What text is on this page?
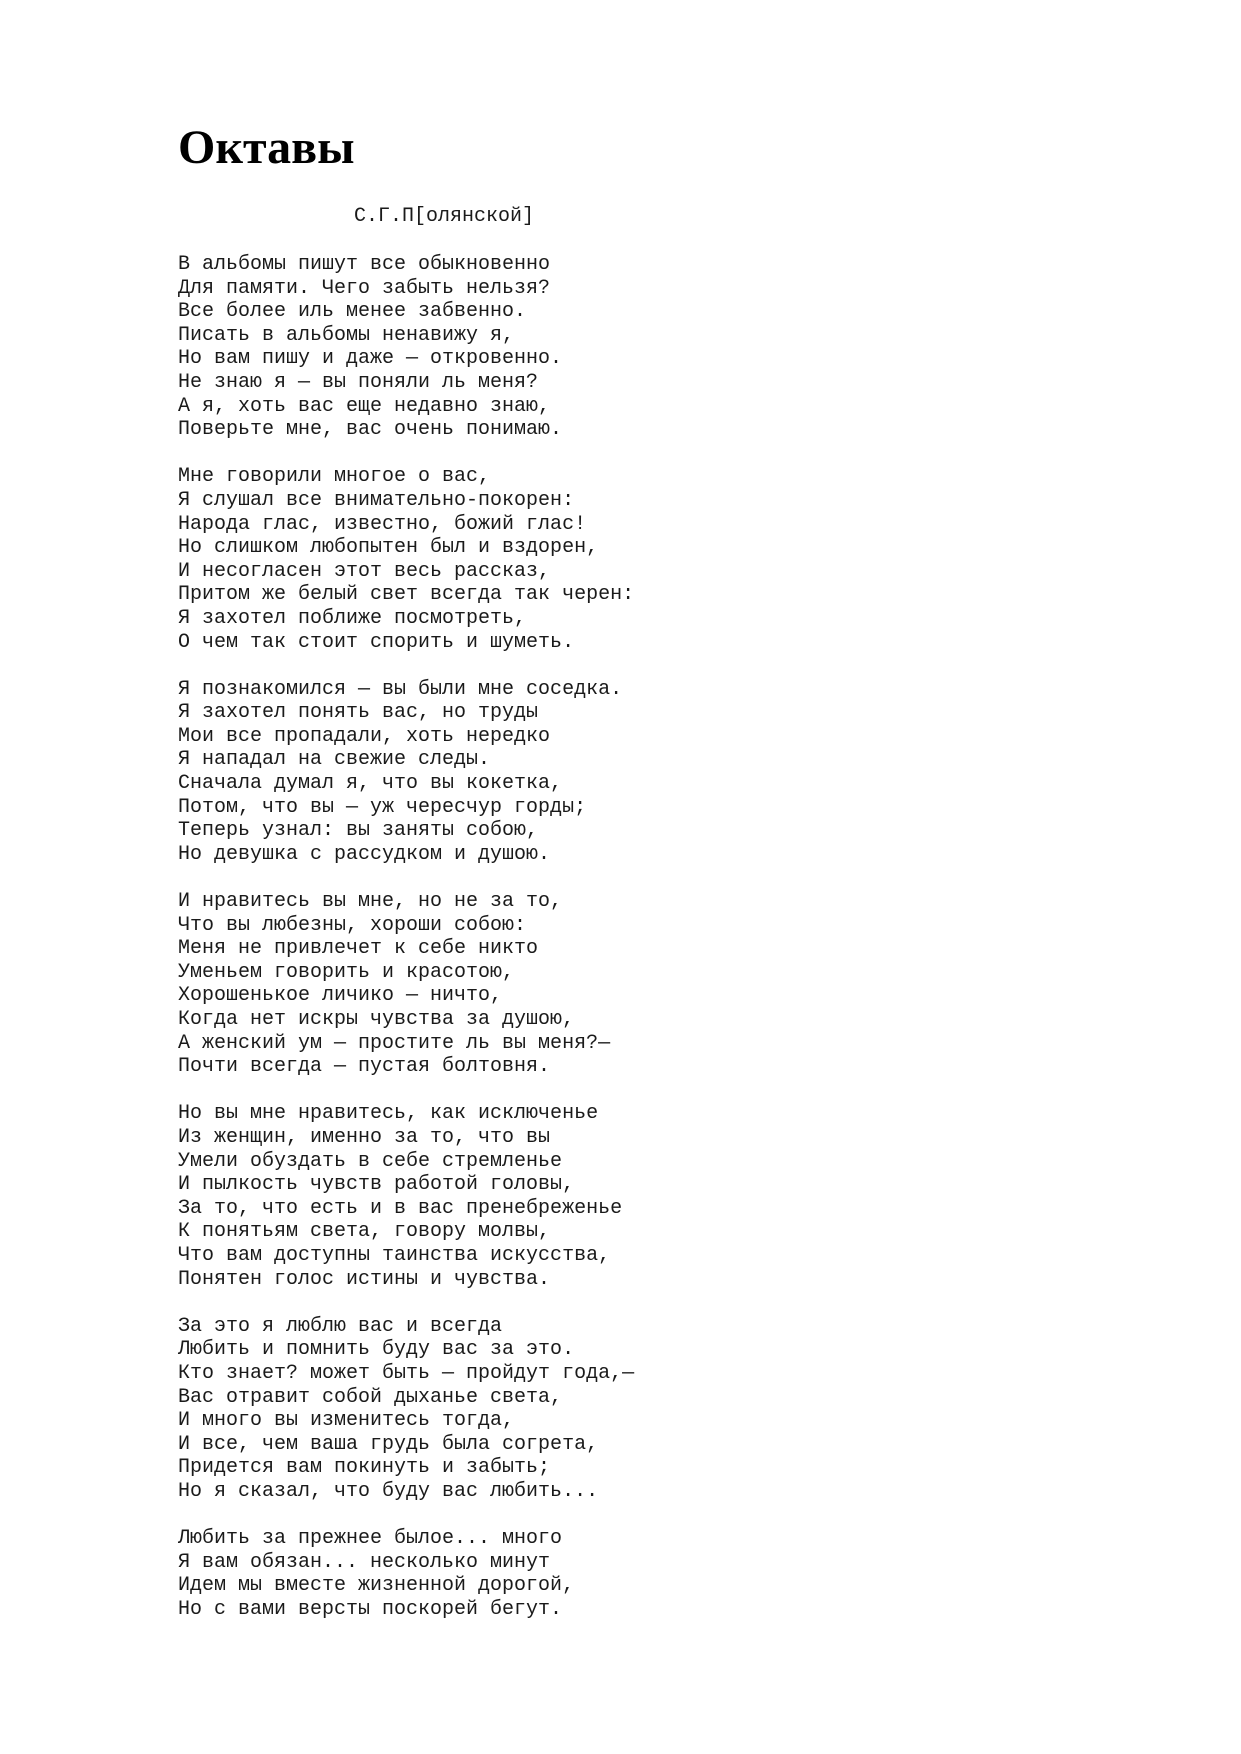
Октавы

С.Г.П[олянской]

В альбомы пишут все обыкновенно
Для памяти. Чего забыть нельзя?
Все более иль менее забвенно.
Писать в альбомы ненавижу я,
Но вам пишу и даже — откровенно.
Не знаю я — вы поняли ль меня?
А я, хоть вас еще недавно знаю,
Поверьте мне, вас очень понимаю.
Мне говорили многое о вас,
Я слушал все внимательно-покорен:
Народа глас, известно, божий глас!
Но слишком любопытен был и вздорен,
И несогласен этот весь рассказ,
Притом же белый свет всегда так черен:
Я захотел поближе посмотреть,
О чем так стоит спорить и шуметь.
Я познакомился — вы были мне соседка.
Я захотел понять вас, но труды
Мои все пропадали, хоть нередко
Я нападал на свежие следы.
Сначала думал я, что вы кокетка,
Потом, что вы — уж чересчур горды;
Теперь узнал: вы заняты собою,
Но девушка с рассудком и душою.
И нравитесь вы мне, но не за то,
Что вы любезны, хороши собою:
Меня не привлечет к себе никто
Уменьем говорить и красотою,
Хорошенькое личико — ничто,
Когда нет искры чувства за душою,
А женский ум — простите ль вы меня?—
Почти всегда — пустая болтовня.
Но вы мне нравитесь, как исключенье
Из женщин, именно за то, что вы
Умели обуздать в себе стремленье
И пылкость чувств работой головы,
За то, что есть и в вас пренебреженье
К понятьям света, говору молвы,
Что вам доступны таинства искусства,
Понятен голос истины и чувства.
За это я люблю вас и всегда
Любить и помнить буду вас за это.
Кто знает? может быть — пройдут года,—
Вас отравит собой дыханье света,
И много вы изменитесь тогда,
И все, чем ваша грудь была согрета,
Придется вам покинуть и забыть;
Но я сказал, что буду вас любить...
Любить за прежнее былое... много
Я вам обязан... несколько минут
Идем мы вместе жизненной дорогой,
Но с вами версты поскорей бегут.
